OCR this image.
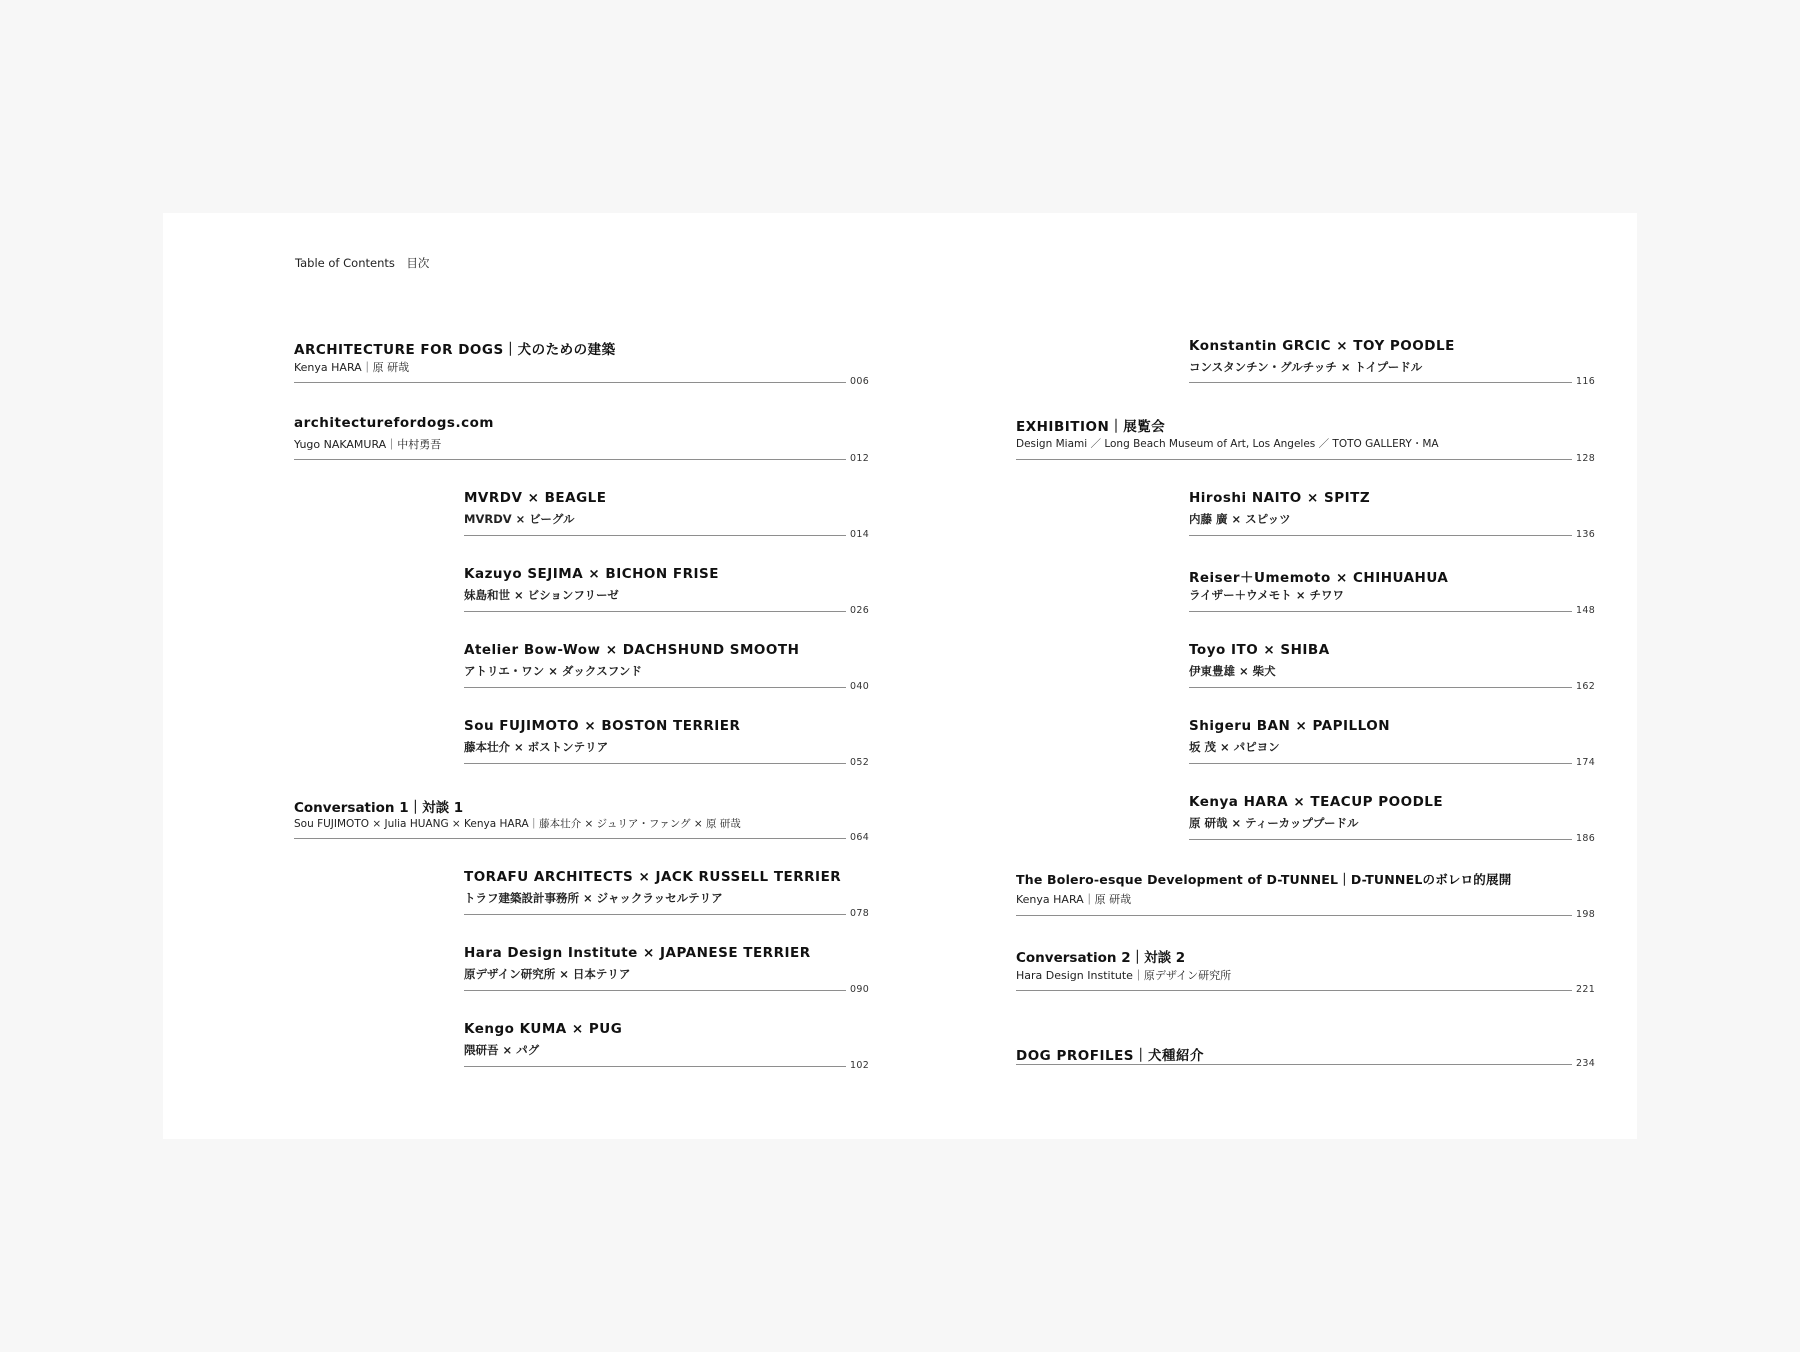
Table of Contents　目次
ARCHITECTURE FOR DOGS｜犬のための建築
Kenya HARA｜原 研哉
006
architecturefordogs.com
Yugo NAKAMURA｜中村勇吾
012
MVRDV × BEAGLE
MVRDV × ビーグル
014
Kazuyo SEJIMA × BICHON FRISE
妹島和世 × ビションフリーゼ
026
Atelier Bow-Wow × DACHSHUND SMOOTH
アトリエ・ワン × ダックスフンド
040
Sou FUJIMOTO × BOSTON TERRIER
藤本壮介 × ボストンテリア
052
Conversation 1｜対談 1
Sou FUJIMOTO × Julia HUANG × Kenya HARA｜藤本壮介 × ジュリア・ファング × 原 研哉
064
TORAFU ARCHITECTS × JACK RUSSELL TERRIER
トラフ建築設計事務所 × ジャックラッセルテリア
078
Hara Design Institute × JAPANESE TERRIER
原デザイン研究所 × 日本テリア
090
Kengo KUMA × PUG
隈研吾 × パグ
102
Konstantin GRCIC × TOY POODLE
コンスタンチン・グルチッチ × トイプードル
116
EXHIBITION｜展覧会
Design Miami ／ Long Beach Museum of Art, Los Angeles ／ TOTO GALLERY・MA
128
Hiroshi NAITO × SPITZ
内藤 廣 × スピッツ
136
Reiser＋Umemoto × CHIHUAHUA
ライザー＋ウメモト × チワワ
148
Toyo ITO × SHIBA
伊東豊雄 × 柴犬
162
Shigeru BAN × PAPILLON
坂 茂 × パピヨン
174
Kenya HARA × TEACUP POODLE
原 研哉 × ティーカッププードル
186
The Bolero-esque Development of D-TUNNEL｜D-TUNNELのボレロ的展開
Kenya HARA｜原 研哉
198
Conversation 2｜対談 2
Hara Design Institute｜原デザイン研究所
221
DOG PROFILES｜犬種紹介	234
